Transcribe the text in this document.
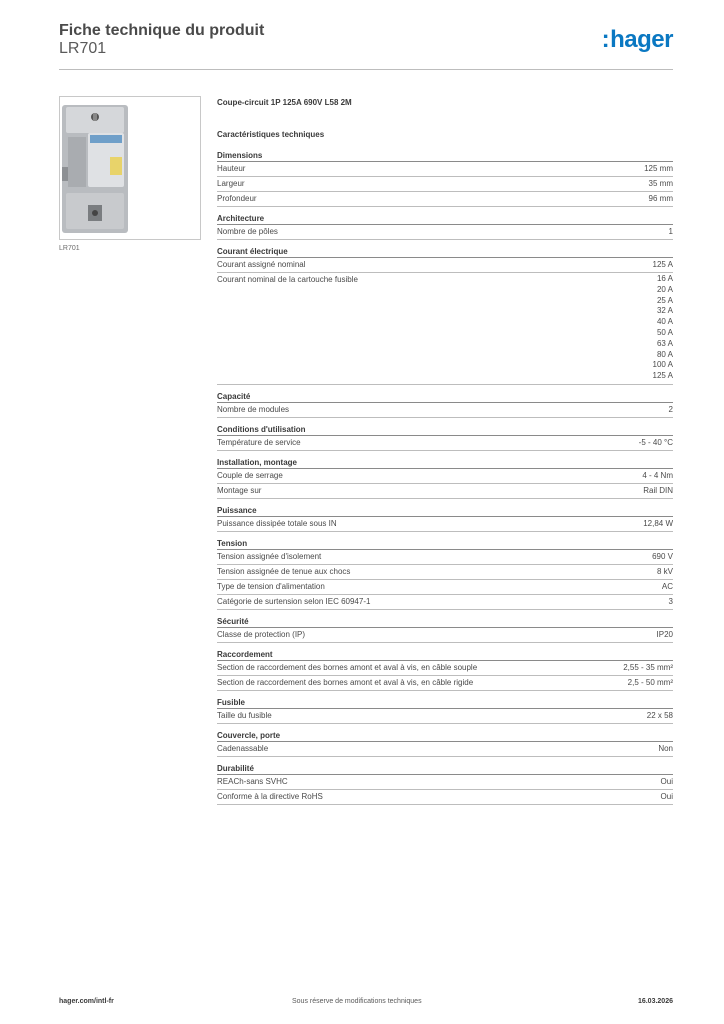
Fiche technique du produit
LR701	:hager
LR701
Coupe-circuit 1P 125A 690V L58 2M
Caractéristiques techniques
Dimensions
Hauteur	125 mm
Largeur	35 mm
Profondeur	96 mm
Architecture
Nombre de pôles	1
Courant électrique
Courant assigné nominal	125 A
Courant nominal de la cartouche fusible	16 A
20 A
25 A
32 A
40 A
50 A
63 A
80 A
100 A
125 A
Capacité
Nombre de modules	2
Conditions d'utilisation
Température de service	-5 - 40 °C
Installation, montage
Couple de serrage	4 - 4 Nm
Montage sur	Rail DIN
Puissance
Puissance dissipée totale sous IN	12,84 W
Tension
Tension assignée d'isolement	690 V
Tension assignée de tenue aux chocs	8 kV
Type de tension d'alimentation	AC
Catégorie de surtension selon IEC 60947-1	3
Sécurité
Classe de protection (IP)	IP20
Raccordement
Section de raccordement des bornes amont et aval à vis, en câble souple	2,55 - 35 mm²
Section de raccordement des bornes amont et aval à vis, en câble rigide	2,5 - 50 mm²
Fusible
Taille du fusible	22 x 58
Couvercle, porte
Cadenassable	Non
Durabilité
REACh-sans SVHC	Oui
Conforme à la directive RoHS	Oui
hager.com/intl-fr	Sous réserve de modifications techniques	16.03.2026
